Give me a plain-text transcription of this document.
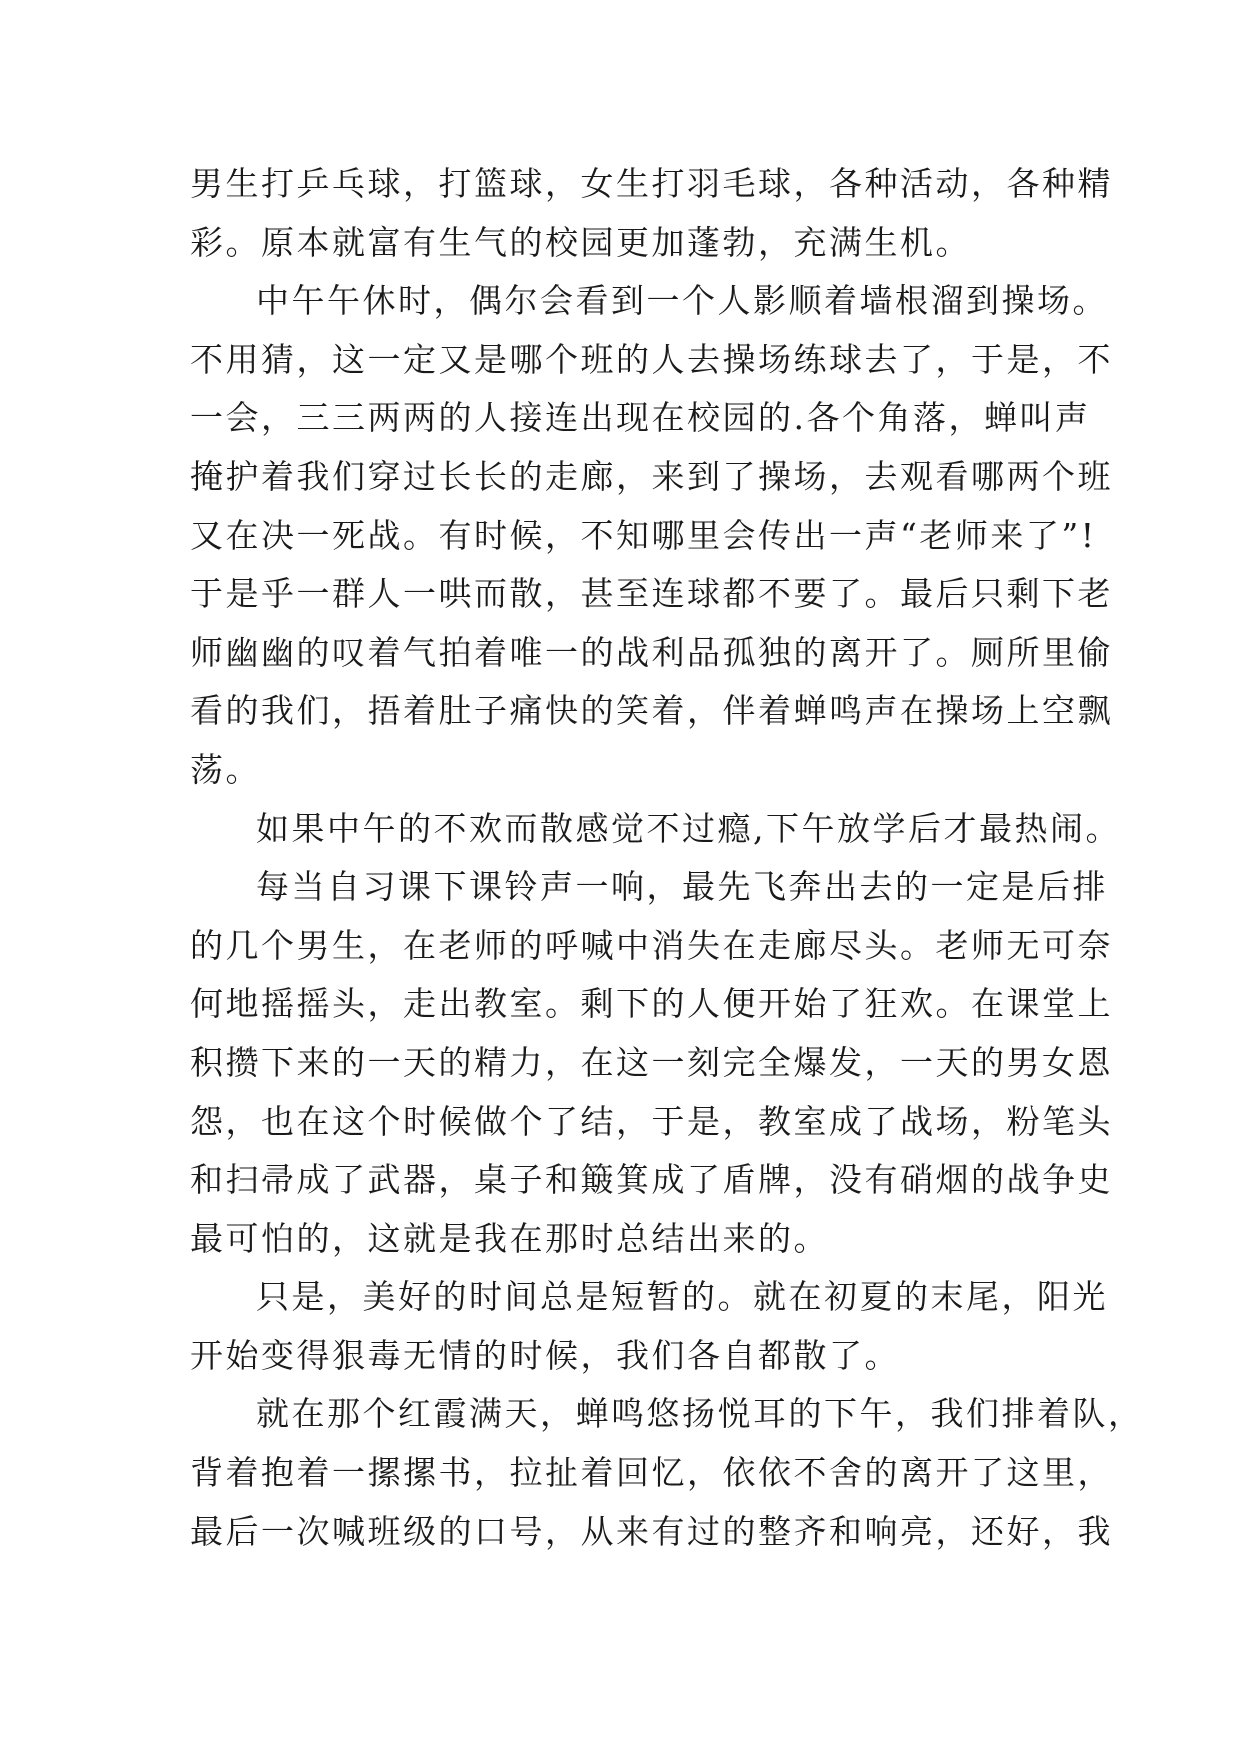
男生打乒乓球，打篮球，女生打羽毛球，各种活动，各种精
彩。原本就富有生气的校园更加蓬勃，充满生机。
中午午休时，偶尔会看到一个人影顺着墙根溜到操场。
不用猜，这一定又是哪个班的人去操场练球去了，于是，不
一会，三三两两的人接连出现在校园的.各个角落，蝉叫声
掩护着我们穿过长长的走廊，来到了操场，去观看哪两个班
又在决一死战。有时候，不知哪里会传出一声“老师来了”!
于是乎一群人一哄而散，甚至连球都不要了。最后只剩下老
师幽幽的叹着气拍着唯一的战利品孤独的离开了。厕所里偷
看的我们，捂着肚子痛快的笑着，伴着蝉鸣声在操场上空飘
荡。
如果中午的不欢而散感觉不过瘾,下午放学后才最热闹。
每当自习课下课铃声一响，最先飞奔出去的一定是后排
的几个男生，在老师的呼喊中消失在走廊尽头。老师无可奈
何地摇摇头，走出教室。剩下的人便开始了狂欢。在课堂上
积攒下来的一天的精力，在这一刻完全爆发，一天的男女恩
怨，也在这个时候做个了结，于是，教室成了战场，粉笔头
和扫帚成了武器，桌子和簸箕成了盾牌，没有硝烟的战争史
最可怕的，这就是我在那时总结出来的。
只是，美好的时间总是短暂的。就在初夏的末尾，阳光
开始变得狠毒无情的时候，我们各自都散了。
就在那个红霞满天，蝉鸣悠扬悦耳的下午，我们排着队，
背着抱着一摞摞书，拉扯着回忆，依依不舍的离开了这里，
最后一次喊班级的口号，从来有过的整齐和响亮，还好，我
